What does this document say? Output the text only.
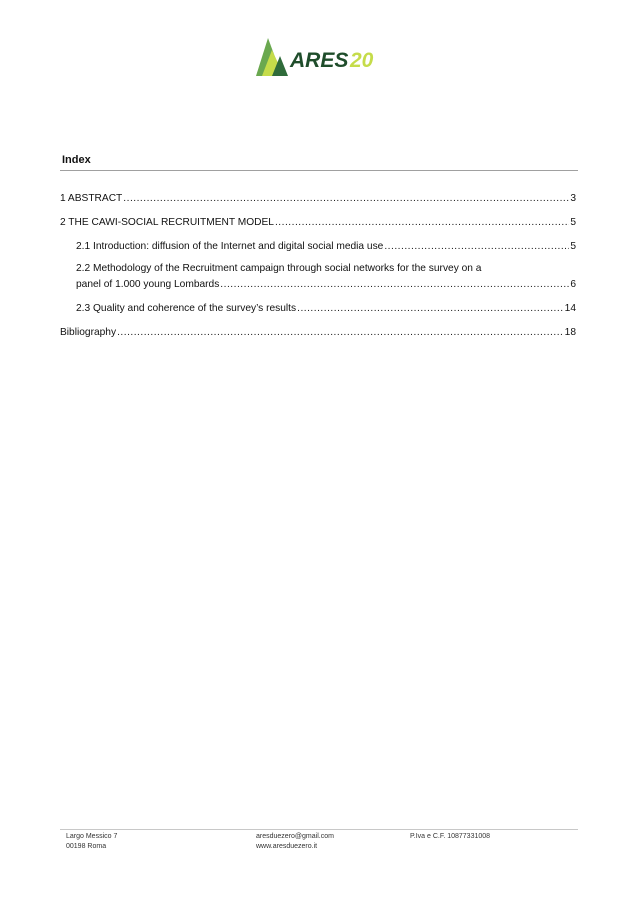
ARES 20
Index
1 ABSTRACT .....	3
2 THE CAWI-SOCIAL RECRUITMENT MODEL .....	5
2.1 Introduction: diffusion of the Internet and digital social media use .....	5
2.2 Methodology of the Recruitment campaign through social networks for the survey on a
panel of 1.000 young Lombards .....	6
2.3 Quality and coherence of the survey’s results .....	14
Bibliography .....	18
Largo Messico 7
00198 Roma
aresduezero@gmail.com
www.aresduezero.it
P.Iva e C.F. 10877331008
